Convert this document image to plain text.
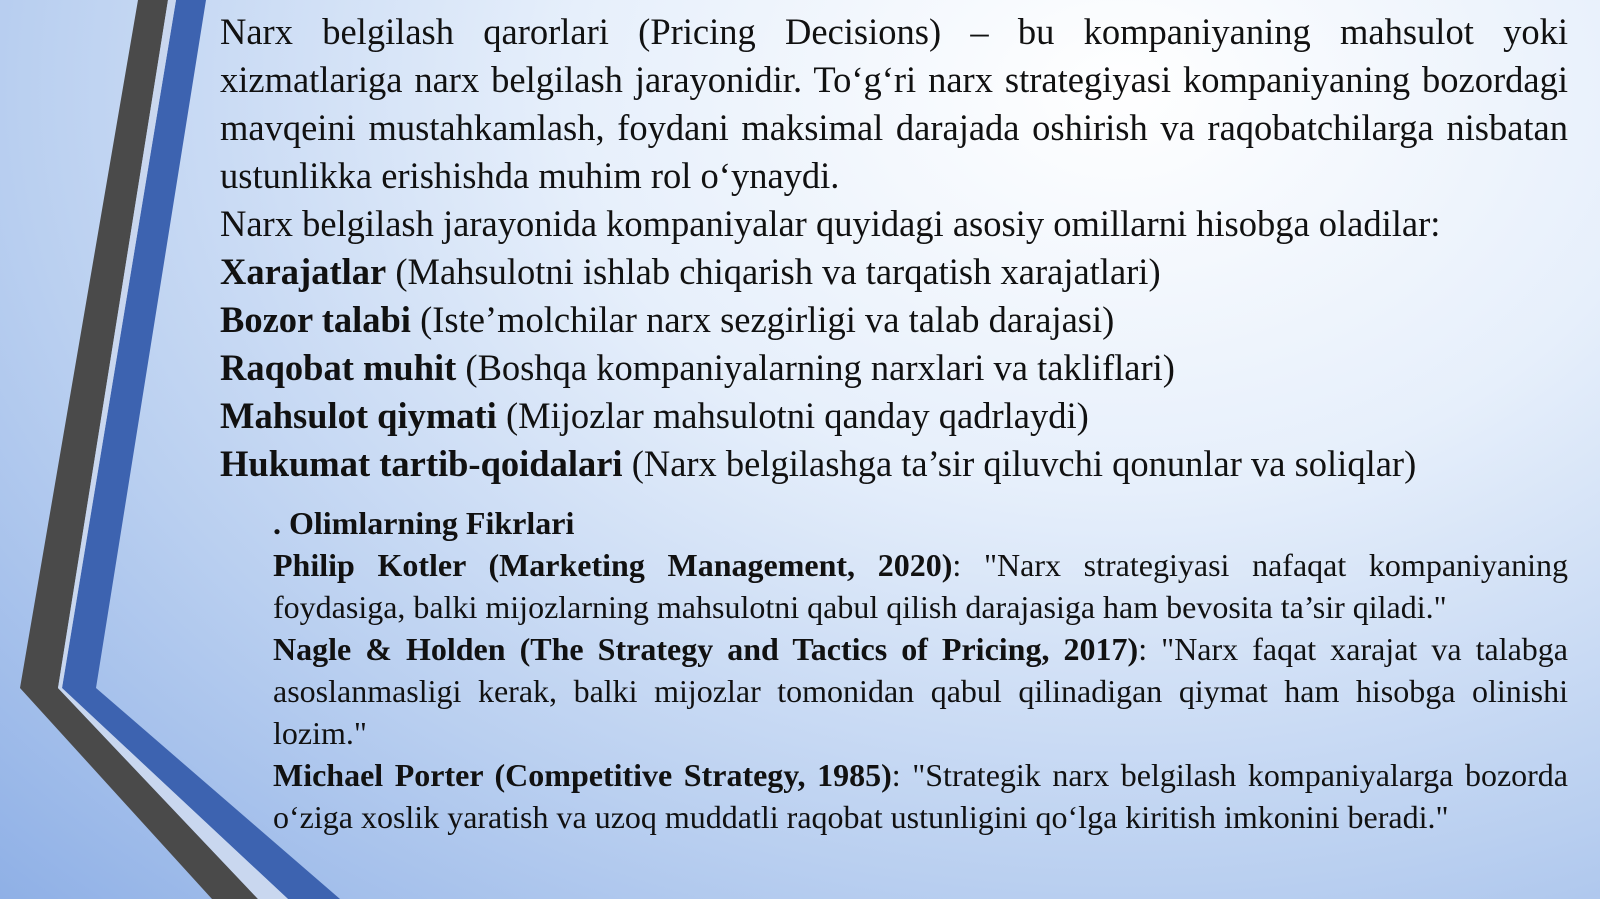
Narx belgilash qarorlari (Pricing Decisions) – bu kompaniyaning mahsulot yoki xizmatlariga narx belgilash jarayonidir. To‘g‘ri narx strategiyasi kompaniyaning bozordagi mavqeini mustahkamlash, foydani maksimal darajada oshirish va raqobatchilarga nisbatan ustunlikka erishishda muhim rol o‘ynaydi.

Narx belgilash jarayonida kompaniyalar quyidagi asosiy omillarni hisobga oladilar:

Xarajatlar (Mahsulotni ishlab chiqarish va tarqatish xarajatlari)

Bozor talabi (Iste’molchilar narx sezgirligi va talab darajasi)

Raqobat muhit (Boshqa kompaniyalarning narxlari va takliflari)

Mahsulot qiymati (Mijozlar mahsulotni qanday qadrlaydi)

Hukumat tartib-qoidalari (Narx belgilashga ta’sir qiluvchi qonunlar va soliqlar)

. Olimlarning Fikrlari

Philip Kotler (Marketing Management, 2020): "Narx strategiyasi nafaqat kompaniyaning foydasiga, balki mijozlarning mahsulotni qabul qilish darajasiga ham bevosita ta’sir qiladi."

Nagle & Holden (The Strategy and Tactics of Pricing, 2017): "Narx faqat xarajat va talabga asoslanmasligi kerak, balki mijozlar tomonidan qabul qilinadigan qiymat ham hisobga olinishi lozim."

Michael Porter (Competitive Strategy, 1985): "Strategik narx belgilash kompaniyalarga bozorda o‘ziga xoslik yaratish va uzoq muddatli raqobat ustunligini qo‘lga kiritish imkonini beradi."
